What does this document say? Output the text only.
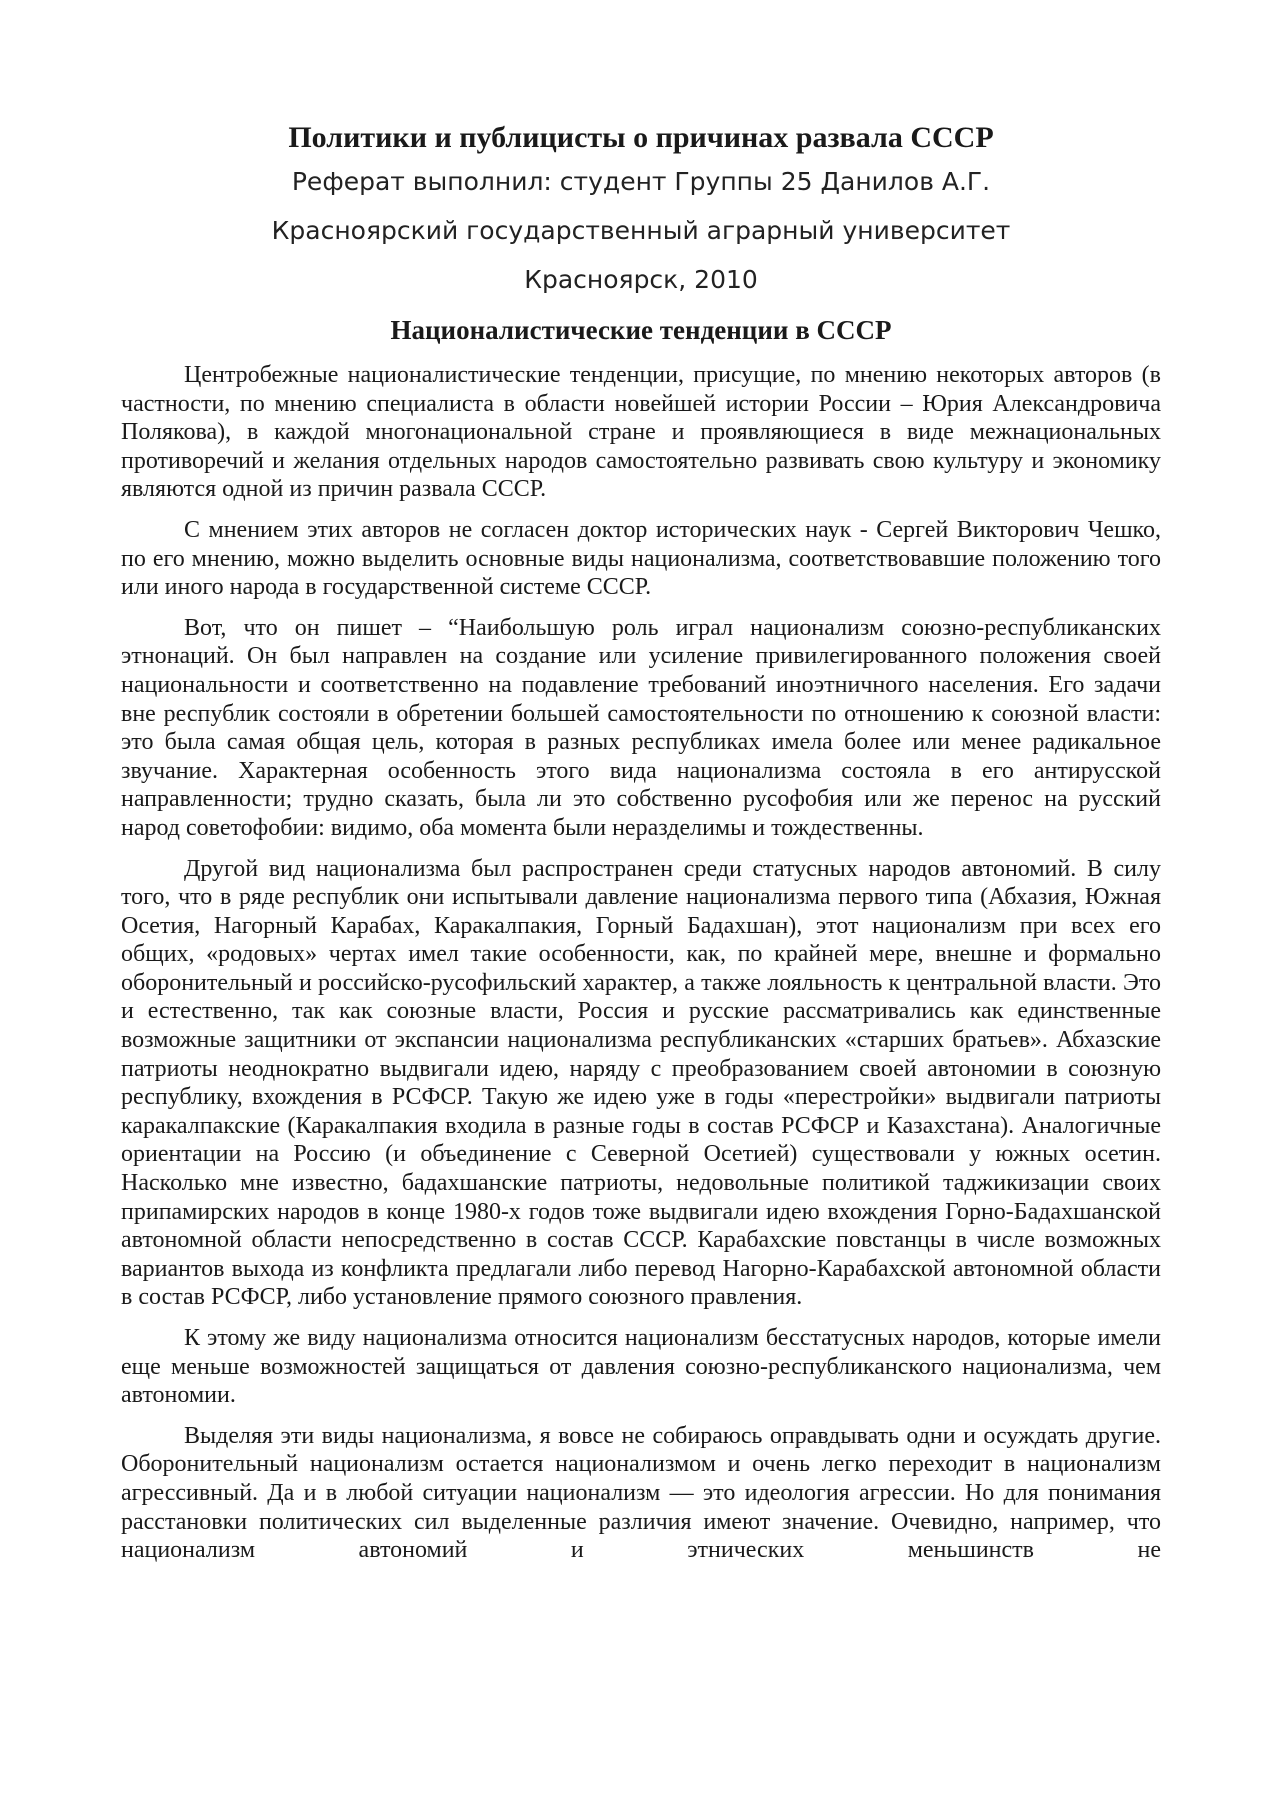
Политики и публицисты о причинах развала СССР
Реферат выполнил: студент Группы 25 Данилов А.Г.
Красноярский государственный аграрный университет
Красноярск, 2010
Националистические тенденции в СССР

Центробежные националистические тенденции, присущие, по мнению некоторых авторов (в частности, по мнению специалиста в области новейшей истории России – Юрия Александровича Полякова), в каждой многонациональной стране и проявляющиеся в виде межнациональных противоречий и желания отдельных народов самостоятельно развивать свою культуру и экономику являются одной из причин развала СССР.

С мнением этих авторов не согласен доктор исторических наук - Сергей Викторович Чешко, по его мнению, можно выделить основные виды национализма, соответствовавшие положению того или иного народа в государственной системе СССР.

Вот, что он пишет – “Наибольшую роль играл национализм союзно-республиканских этнонаций. Он был направлен на создание или усиление привилегированного положения своей национальности и соответственно на подавление требований иноэтничного населения. Его задачи вне республик состояли в обретении большей самостоятельности по отношению к союзной власти: это была самая общая цель, которая в разных республиках имела более или менее радикальное звучание. Характерная особенность этого вида национализма состояла в его антирусской направленности; трудно сказать, была ли это собственно русофобия или же перенос на русский народ советофобии: видимо, оба момента были неразделимы и тождественны.

Другой вид национализма был распространен среди статусных народов автономий. В силу того, что в ряде республик они испытывали давление национализма первого типа (Абхазия, Южная Осетия, Нагорный Карабах, Каракалпакия, Горный Бадахшан), этот национализм при всех его общих, «родовых» чертах имел такие особенности, как, по крайней мере, внешне и формально оборонительный и российско-русофильский характер, а также лояльность к центральной власти. Это и естественно, так как союзные власти, Россия и русские рассматривались как единственные возможные защитники от экспансии национализма республиканских «старших братьев». Абхазские патриоты неоднократно выдвигали идею, наряду с преобразованием своей автономии в союзную республику, вхождения в РСФСР. Такую же идею уже в годы «перестройки» выдвигали патриоты каракалпакские (Каракалпакия входила в разные годы в состав РСФСР и Казахстана). Аналогичные ориентации на Россию (и объединение с Северной Осетией) существовали у южных осетин. Насколько мне известно, бадахшанские патриоты, недовольные политикой таджикизации своих припамирских народов в конце 1980-х годов тоже выдвигали идею вхождения Горно-Бадахшанской автономной области непосредственно в состав СССР. Карабахские повстанцы в числе возможных вариантов выхода из конфликта предлагали либо перевод Нагорно-Карабахской автономной области в состав РСФСР, либо установление прямого союзного правления.

К этому же виду национализма относится национализм бесстатусных народов, которые имели еще меньше возможностей защищаться от давления союзно-республиканского национализма, чем автономии.

Выделяя эти виды национализма, я вовсе не собираюсь оправдывать одни и осуждать другие. Оборонительный национализм остается национализмом и очень легко переходит в национализм агрессивный. Да и в любой ситуации национализм — это идеология агрессии. Но для понимания расстановки политических сил выделенные различия имеют значение. Очевидно, например, что национализм автономий и этнических меньшинств не
